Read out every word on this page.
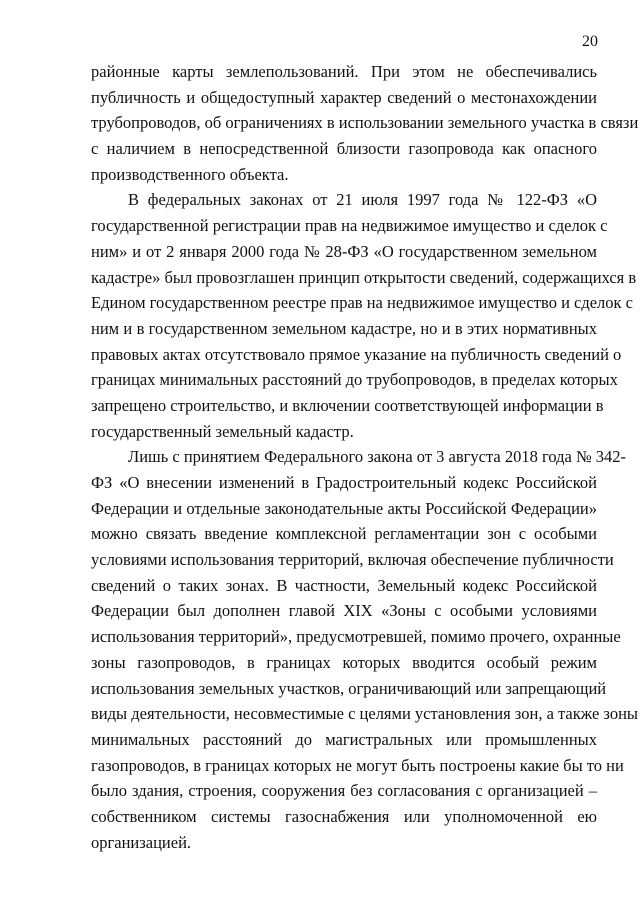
20
районные карты землепользований. При этом не обеспечивались
публичность и общедоступный характер сведений о местонахождении
трубопроводов, об ограничениях в использовании земельного участка в связи
с наличием в непосредственной близости газопровода как опасного
производственного объекта.
В федеральных законах от 21 июля 1997 года № 122-ФЗ «О
государственной регистрации прав на недвижимое имущество и сделок с
ним» и от 2 января 2000 года № 28-ФЗ «О государственном земельном
кадастре» был провозглашен принцип открытости сведений, содержащихся в
Едином государственном реестре прав на недвижимое имущество и сделок с
ним и в государственном земельном кадастре, но и в этих нормативных
правовых актах отсутствовало прямое указание на публичность сведений о
границах минимальных расстояний до трубопроводов, в пределах которых
запрещено строительство, и включении соответствующей информации в
государственный земельный кадастр.
Лишь с принятием Федерального закона от 3 августа 2018 года № 342-
ФЗ «О внесении изменений в Градостроительный кодекс Российской
Федерации и отдельные законодательные акты Российской Федерации»
можно связать введение комплексной регламентации зон с особыми
условиями использования территорий, включая обеспечение публичности
сведений о таких зонах. В частности, Земельный кодекс Российской
Федерации был дополнен главой XIX «Зоны с особыми условиями
использования территорий», предусмотревшей, помимо прочего, охранные
зоны газопроводов, в границах которых вводится особый режим
использования земельных участков, ограничивающий или запрещающий
виды деятельности, несовместимые с целями установления зон, а также зоны
минимальных расстояний до магистральных или промышленных
газопроводов, в границах которых не могут быть построены какие бы то ни
было здания, строения, сооружения без согласования с организацией –
собственником системы газоснабжения или уполномоченной ею
организацией.
